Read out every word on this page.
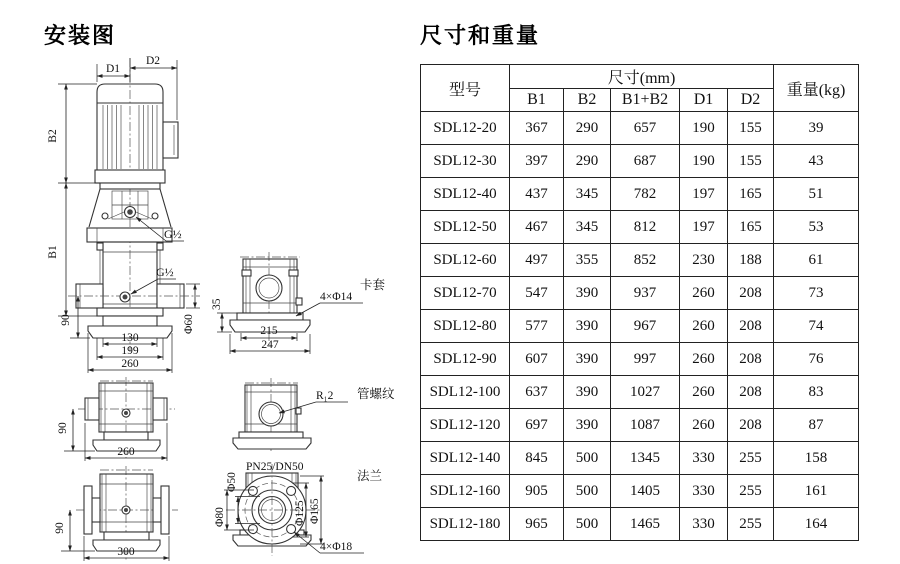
安装图	尺寸和重量
D1
D2
B2
B1
G½
G½
90	Φ60
130
199
260
35
215
247
4×Φ14
卡套
90
260
R₁2 管螺纹
90
300
PN25/DN50
Φ50
Φ80	Φ125 Φ165
4×Φ18
法兰
型号	尺寸(mm)					重量(kg)
	B1	B2	B1+B2	D1	D2	
SDL12-20	367	290	657	190	155	39
SDL12-30	397	290	687	190	155	43
SDL12-40	437	345	782	197	165	51
SDL12-50	467	345	812	197	165	53
SDL12-60	497	355	852	230	188	61
SDL12-70	547	390	937	260	208	73
SDL12-80	577	390	967	260	208	74
SDL12-90	607	390	997	260	208	76
SDL12-100	637	390	1027	260	208	83
SDL12-120	697	390	1087	260	208	87
SDL12-140	845	500	1345	330	255	158
SDL12-160	905	500	1405	330	255	161
SDL12-180	965	500	1465	330	255	164
